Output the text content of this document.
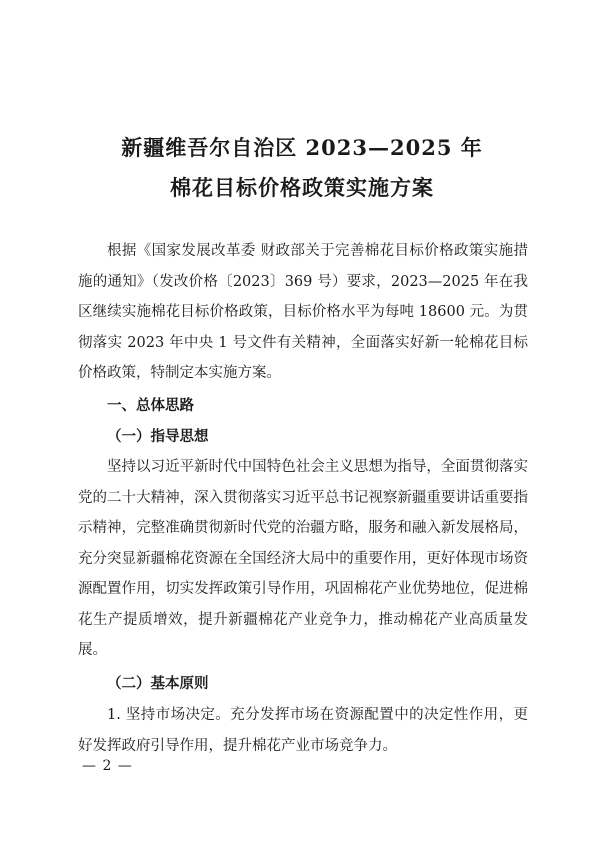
新疆维吾尔自治区 2023—2025 年
棉花目标价格政策实施方案

根据《国家发展改革委 财政部关于完善棉花目标价格政策实施措施的通知》（发改价格〔2023〕369 号）要求，2023—2025 年在我区继续实施棉花目标价格政策，目标价格水平为每吨 18600 元。为贯彻落实 2023 年中央 1 号文件有关精神，全面落实好新一轮棉花目标价格政策，特制定本实施方案。

一、总体思路

（一）指导思想

坚持以习近平新时代中国特色社会主义思想为指导，全面贯彻落实党的二十大精神，深入贯彻落实习近平总书记视察新疆重要讲话重要指示精神，完整准确贯彻新时代党的治疆方略，服务和融入新发展格局，充分突显新疆棉花资源在全国经济大局中的重要作用，更好体现市场资源配置作用，切实发挥政策引导作用，巩固棉花产业优势地位，促进棉花生产提质增效，提升新疆棉花产业竞争力，推动棉花产业高质量发展。

（二）基本原则

1. 坚持市场决定。充分发挥市场在资源配置中的决定性作用，更好发挥政府引导作用，提升棉花产业市场竞争力。

— 2 —
